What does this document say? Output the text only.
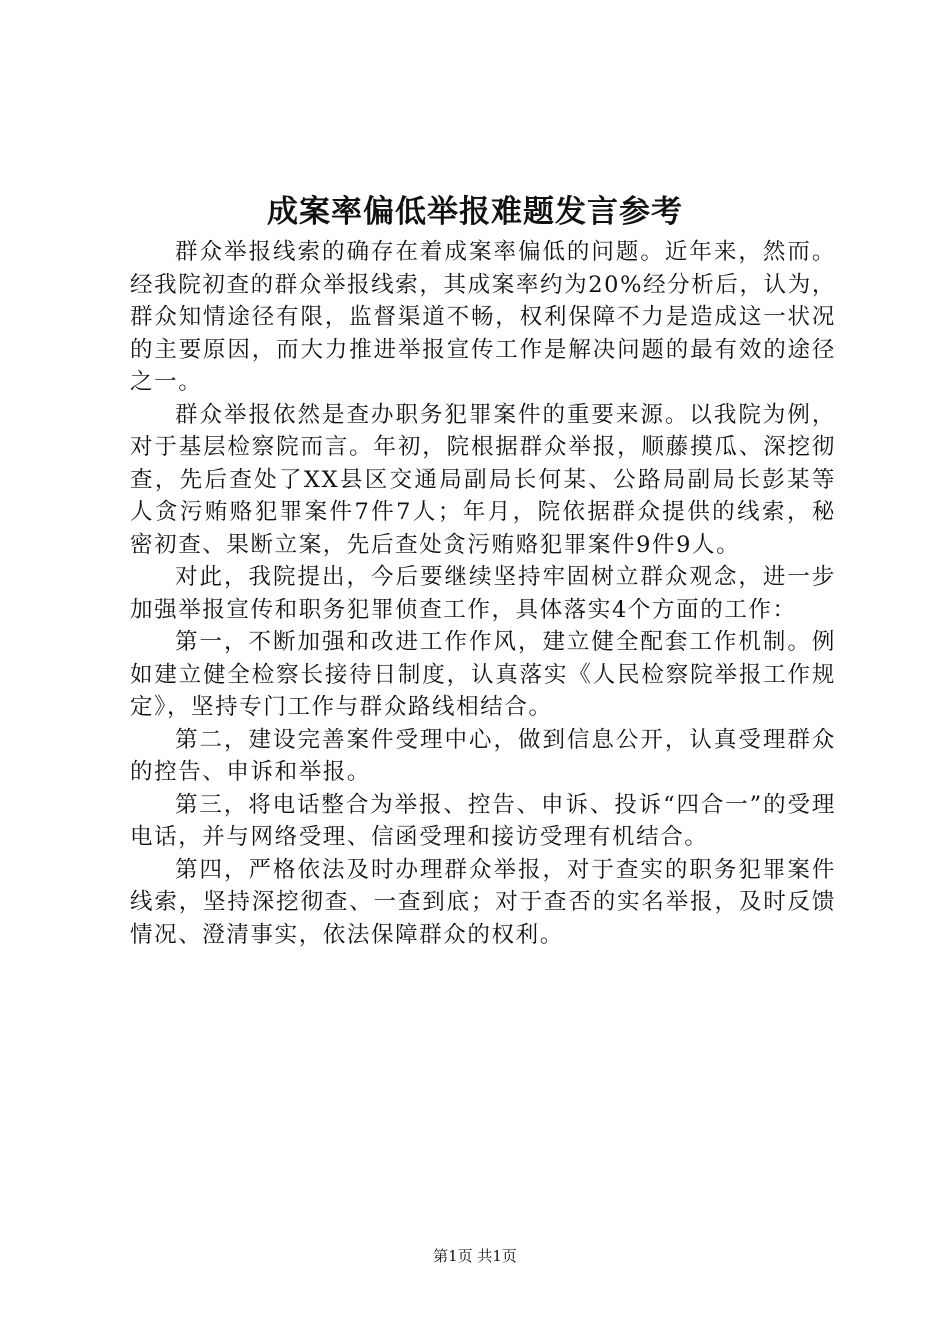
成案率偏低举报难题发言参考

群众举报线索的确存在着成案率偏低的问题。近年来，然而。经我院初查的群众举报线索，其成案率约为20%经分析后，认为，群众知情途径有限，监督渠道不畅，权利保障不力是造成这一状况的主要原因，而大力推进举报宣传工作是解决问题的最有效的途径之一。

群众举报依然是查办职务犯罪案件的重要来源。以我院为例，对于基层检察院而言。年初，院根据群众举报，顺藤摸瓜、深挖彻查，先后查处了XX县区交通局副局长何某、公路局副局长彭某等人贪污贿赂犯罪案件7件7人；年月，院依据群众提供的线索，秘密初查、果断立案，先后查处贪污贿赂犯罪案件9件9人。

对此，我院提出，今后要继续坚持牢固树立群众观念，进一步加强举报宣传和职务犯罪侦查工作，具体落实4个方面的工作：

第一，不断加强和改进工作作风，建立健全配套工作机制。例如建立健全检察长接待日制度，认真落实《人民检察院举报工作规定》，坚持专门工作与群众路线相结合。

第二，建设完善案件受理中心，做到信息公开，认真受理群众的控告、申诉和举报。

第三，将电话整合为举报、控告、申诉、投诉“四合一”的受理电话，并与网络受理、信函受理和接访受理有机结合。

第四，严格依法及时办理群众举报，对于查实的职务犯罪案件线索，坚持深挖彻查、一查到底；对于查否的实名举报，及时反馈情况、澄清事实，依法保障群众的权利。

第1页 共1页
